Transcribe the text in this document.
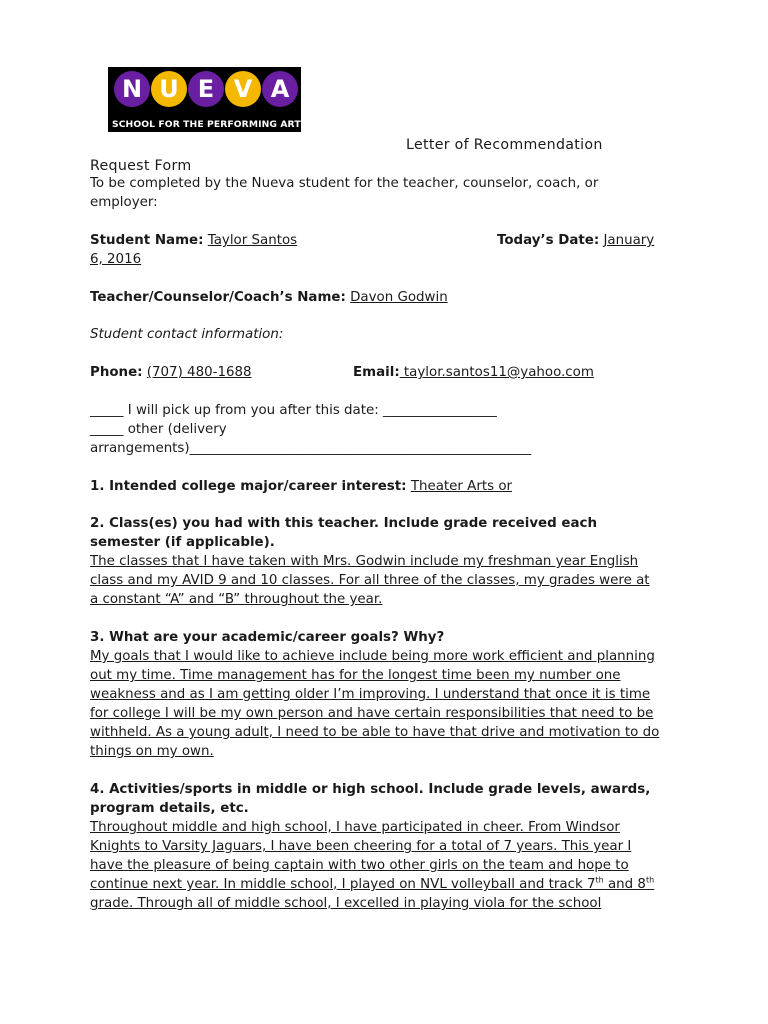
N U E V A
SCHOOL FOR THE PERFORMING ARTS
Letter of Recommendation
Request Form
To be completed by the Nueva student for the teacher, counselor, coach, or
employer:
Student Name: Taylor Santos	Today’s Date: January
6, 2016
Teacher/Counselor/Coach’s Name: Davon Godwin
Student contact information:
Phone: (707) 480-1688	Email: taylor.santos11@yahoo.com
_____ I will pick up from you after this date: _________________
_____ other (delivery
arrangements)___________________________________________________
1. Intended college major/career interest: Theater Arts or
2. Class(es) you had with this teacher. Include grade received each
semester (if applicable).
The classes that I have taken with Mrs. Godwin include my freshman year English
class and my AVID 9 and 10 classes. For all three of the classes, my grades were at
a constant “A” and “B” throughout the year.
3. What are your academic/career goals? Why?
My goals that I would like to achieve include being more work efficient and planning
out my time. Time management has for the longest time been my number one
weakness and as I am getting older I’m improving. I understand that once it is time
for college I will be my own person and have certain responsibilities that need to be
withheld. As a young adult, I need to be able to have that drive and motivation to do
things on my own.
4. Activities/sports in middle or high school. Include grade levels, awards,
program details, etc.
Throughout middle and high school, I have participated in cheer. From Windsor
Knights to Varsity Jaguars, I have been cheering for a total of 7 years. This year I
have the pleasure of being captain with two other girls on the team and hope to
continue next year. In middle school, I played on NVL volleyball and track 7th and 8th
grade. Through all of middle school, I excelled in playing viola for the school
